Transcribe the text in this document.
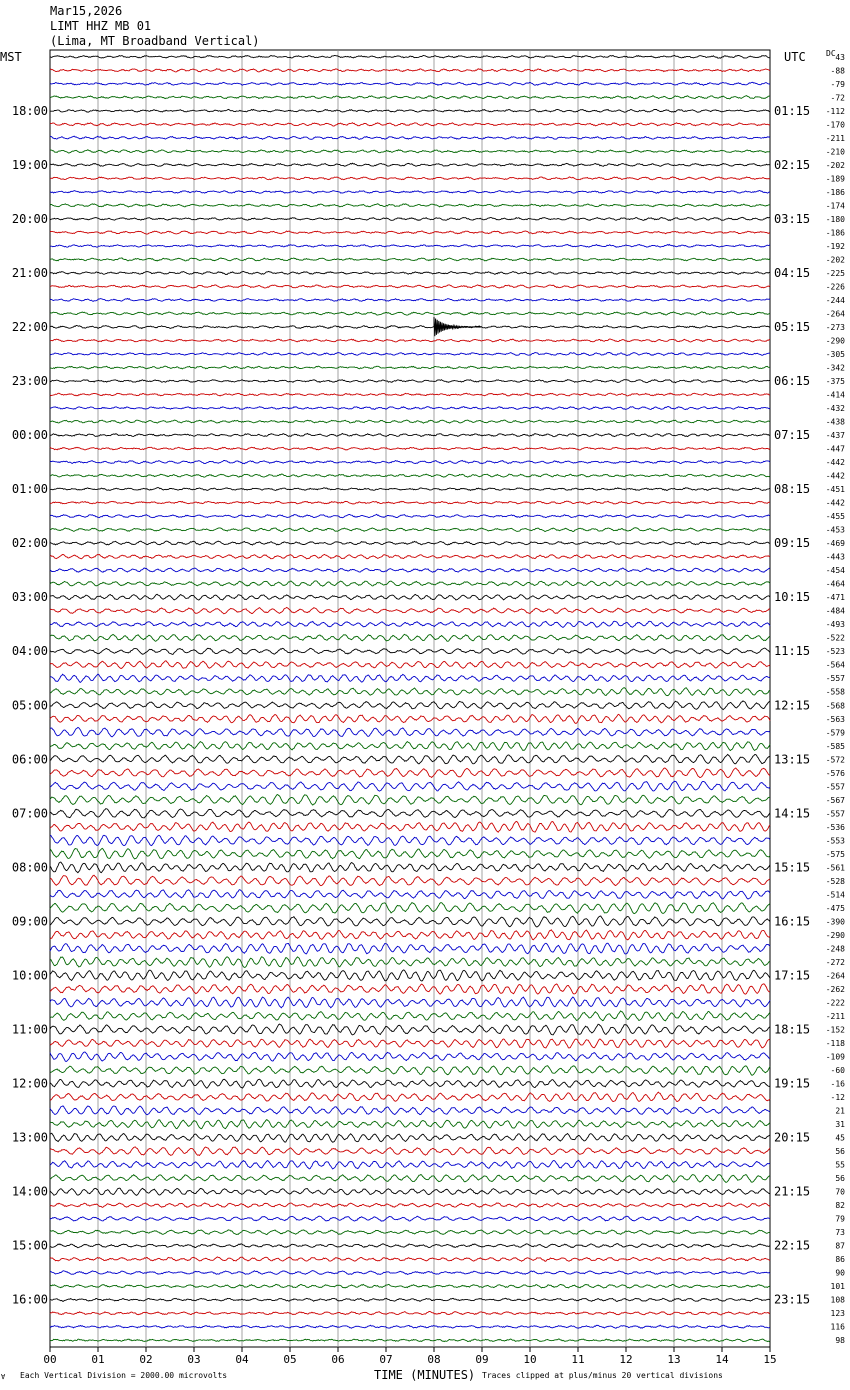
Mar15,2026
LIMT HHZ MB 01
(Lima, MT Broadband Vertical)
MST	UTC	DC
00	01	02	03	04	05	06	07	08	09	10	11	12	13	14	15
18:00
19:00
20:00
21:00
22:00
23:00
00:00
01:00
02:00
03:00
04:00
05:00
06:00
07:00
08:00
09:00
10:00
11:00
12:00
13:00
14:00
15:00
16:00
01:15
02:15
03:15
04:15
05:15
06:15
07:15
08:15
09:15
10:15
11:15
12:15
13:15
14:15
15:15
16:15
17:15
18:15
19:15
20:15
21:15
22:15
23:15
43
-88
-79
-72
-112
-170
-211
-210
-202
-189
-186
-174
-180
-186
-192
-202
-225
-226
-244
-264
-273
-290
-305
-342
-375
-414
-432
-438
-437
-447
-442
-442
-451
-442
-455
-453
-469
-443
-454
-464
-471
-484
-493
-522
-523
-564
-557
-558
-568
-563
-579
-585
-572
-576
-557
-567
-557
-536
-553
-575
-561
-528
-514
-475
-390
-290
-248
-272
-264
-262
-222
-211
-152
-118
-109
-60
-16
-12
21
31
45
56
55
56
70
82
79
73
87
86
90
101
108
123
116
98
TIME (MINUTES)
∀ Each Vertical Division = 2000.00 microvolts	Traces clipped at plus/minus 20 vertical divisions
